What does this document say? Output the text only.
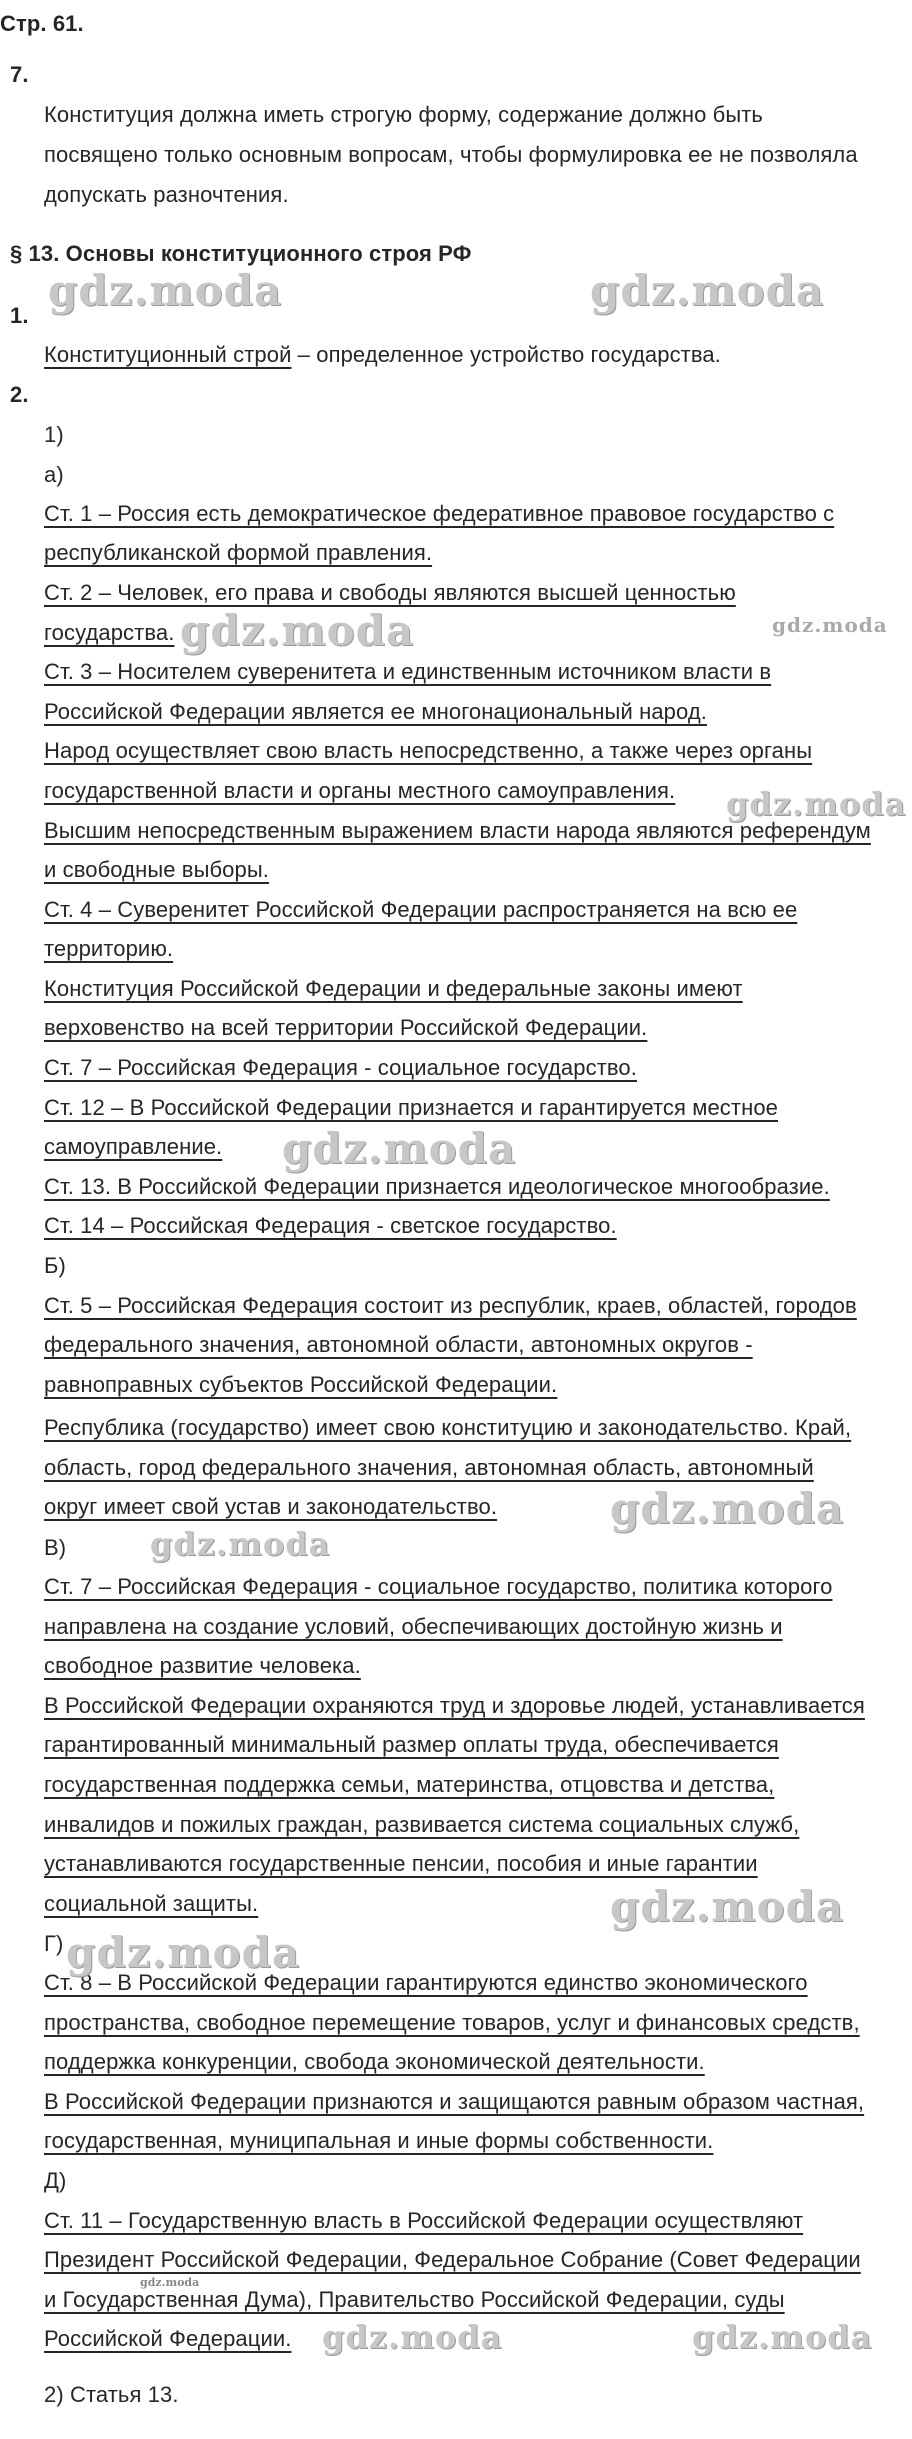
Стр. 61.
7.
Конституция должна иметь строгую форму, содержание должно быть
посвящено только основным вопросам, чтобы формулировка ее не позволяла
допускать разночтения.
§ 13. Основы конституционного строя РФ
1.
Конституционный строй – определенное устройство государства.
2.
1)
а)
Ст. 1 – Россия есть демократическое федеративное правовое государство с
республиканской формой правления.
Ст. 2 – Человек, его права и свободы являются высшей ценностью
государства.
Ст. 3 – Носителем суверенитета и единственным источником власти в
Российской Федерации является ее многонациональный народ.
Народ осуществляет свою власть непосредственно, а также через органы
государственной власти и органы местного самоуправления.
Высшим непосредственным выражением власти народа являются референдум
и свободные выборы.
Ст. 4 – Суверенитет Российской Федерации распространяется на всю ее
территорию.
Конституция Российской Федерации и федеральные законы имеют
верховенство на всей территории Российской Федерации.
Ст. 7 – Российская Федерация - социальное государство.
Ст. 12 – В Российской Федерации признается и гарантируется местное
самоуправление.
Ст. 13. В Российской Федерации признается идеологическое многообразие.
Ст. 14 – Российская Федерация - светское государство.
Б)
Ст. 5 – Российская Федерация состоит из республик, краев, областей, городов
федерального значения, автономной области, автономных округов -
равноправных субъектов Российской Федерации.
Республика (государство) имеет свою конституцию и законодательство. Край,
область, город федерального значения, автономная область, автономный
округ имеет свой устав и законодательство.
В)
Ст. 7 – Российская Федерация - социальное государство, политика которого
направлена на создание условий, обеспечивающих достойную жизнь и
свободное развитие человека.
В Российской Федерации охраняются труд и здоровье людей, устанавливается
гарантированный минимальный размер оплаты труда, обеспечивается
государственная поддержка семьи, материнства, отцовства и детства,
инвалидов и пожилых граждан, развивается система социальных служб,
устанавливаются государственные пенсии, пособия и иные гарантии
социальной защиты.
Г)
Ст. 8 – В Российской Федерации гарантируются единство экономического
пространства, свободное перемещение товаров, услуг и финансовых средств,
поддержка конкуренции, свобода экономической деятельности.
В Российской Федерации признаются и защищаются равным образом частная,
государственная, муниципальная и иные формы собственности.
Д)
Ст. 11 – Государственную власть в Российской Федерации осуществляют
Президент Российской Федерации, Федеральное Собрание (Совет Федерации
и Государственная Дума), Правительство Российской Федерации, суды
Российской Федерации.
2) Статья 13.
gdz.moda	gdz.moda
gdz.moda	gdz.moda
gdz.moda
gdz.moda
gdz.moda
gdz.moda
gdz.moda
gdz.moda
gdz.moda
gdz.moda	gdz.moda
